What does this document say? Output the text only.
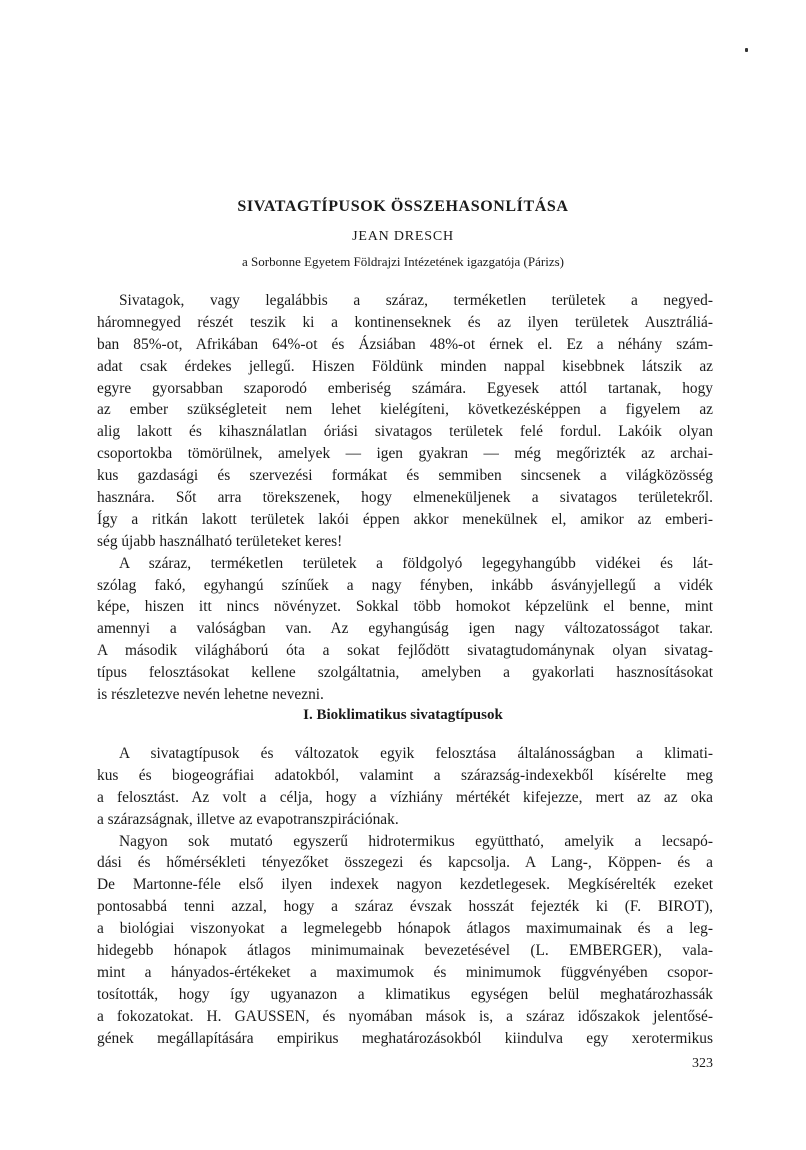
SIVATAGTÍPUSOK ÖSSZEHASONLÍTÁSA
JEAN DRESCH
a Sorbonne Egyetem Földrajzi Intézetének igazgatója (Párizs)
Sivatagok, vagy legalábbis a száraz, terméketlen területek a negyed-
háromnegyed részét teszik ki a kontinenseknek és az ilyen területek Ausztráliá-
ban 85%-ot, Afrikában 64%-ot és Ázsiában 48%-ot érnek el. Ez a néhány szám-
adat csak érdekes jellegű. Hiszen Földünk minden nappal kisebbnek látszik az
egyre gyorsabban szaporodó emberiség számára. Egyesek attól tartanak, hogy
az ember szükségleteit nem lehet kielégíteni, következésképpen a figyelem az
alig lakott és kihasználatlan óriási sivatagos területek felé fordul. Lakóik olyan
csoportokba tömörülnek, amelyek — igen gyakran — még megőrizték az archai-
kus gazdasági és szervezési formákat és semmiben sincsenek a világközösség
hasznára. Sőt arra törekszenek, hogy elmeneküljenek a sivatagos területekről.
Így a ritkán lakott területek lakói éppen akkor menekülnek el, amikor az emberi-
ség újabb használható területeket keres!
A száraz, terméketlen területek a földgolyó legegyhangúbb vidékei és lát-
szólag fakó, egyhangú színűek a nagy fényben, inkább ásványjellegű a vidék
képe, hiszen itt nincs növényzet. Sokkal több homokot képzelünk el benne, mint
amennyi a valóságban van. Az egyhangúság igen nagy változatosságot takar.
A második világháború óta a sokat fejlődött sivatagtudománynak olyan sivatag-
típus felosztásokat kellene szolgáltatnia, amelyben a gyakorlati hasznosításokat
is részletezve nevén lehetne nevezni.
I. Bioklimatikus sivatagtípusok
A sivatagtípusok és változatok egyik felosztása általánosságban a klimati-
kus és biogeográfiai adatokból, valamint a szárazság-indexekből kísérelte meg
a felosztást. Az volt a célja, hogy a vízhiány mértékét kifejezze, mert az az oka
a szárazságnak, illetve az evapotranszpirációnak.
Nagyon sok mutató egyszerű hidrotermikus együttható, amelyik a lecsapó-
dási és hőmérsékleti tényezőket összegezi és kapcsolja. A Lang-, Köppen- és a
De Martonne-féle első ilyen indexek nagyon kezdetlegesek. Megkísérelték ezeket
pontosabbá tenni azzal, hogy a száraz évszak hosszát fejezték ki (F. BIROT),
a biológiai viszonyokat a legmelegebb hónapok átlagos maximumainak és a leg-
hidegebb hónapok átlagos minimumainak bevezetésével (L. EMBERGER), vala-
mint a hányados-értékeket a maximumok és minimumok függvényében csopor-
tosították, hogy így ugyanazon a klimatikus egységen belül meghatározhassák
a fokozatokat. H. GAUSSEN, és nyomában mások is, a száraz időszakok jelentősé-
gének megállapítására empirikus meghatározásokból kiindulva egy xerotermikus
323
